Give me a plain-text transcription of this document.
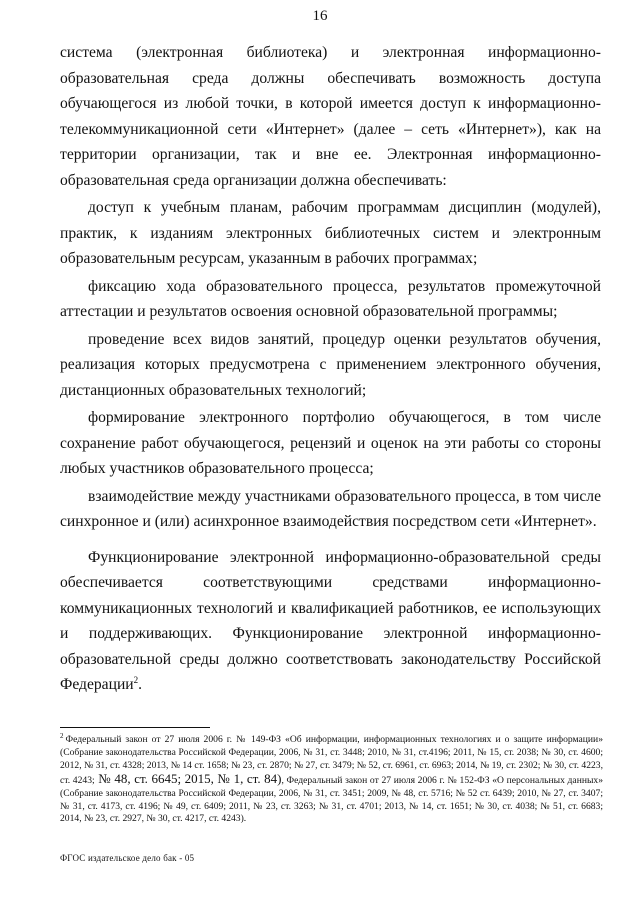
16

система (электронная библиотека) и электронная информационно-образовательная среда должны обеспечивать возможность доступа обучающегося из любой точки, в которой имеется доступ к информационно-телекоммуникационной сети «Интернет» (далее – сеть «Интернет»), как на территории организации, так и вне ее. Электронная информационно-образовательная среда организации должна обеспечивать:

доступ к учебным планам, рабочим программам дисциплин (модулей), практик, к изданиям электронных библиотечных систем и электронным образовательным ресурсам, указанным в рабочих программах;

фиксацию хода образовательного процесса, результатов промежуточной аттестации и результатов освоения основной образовательной программы;

проведение всех видов занятий, процедур оценки результатов обучения, реализация которых предусмотрена с применением электронного обучения, дистанционных образовательных технологий;

формирование электронного портфолио обучающегося, в том числе сохранение работ обучающегося, рецензий и оценок на эти работы со стороны любых участников образовательного процесса;

взаимодействие между участниками образовательного процесса, в том числе синхронное и (или) асинхронное взаимодействия посредством сети «Интернет».

Функционирование электронной информационно-образовательной среды обеспечивается соответствующими средствами информационно-коммуникационных технологий и квалификацией работников, ее использующих и поддерживающих. Функционирование электронной информационно-образовательной среды должно соответствовать законодательству Российской Федерации$^2$.

$^2$ Федеральный закон от 27 июля 2006 г. № 149-ФЗ «Об информации, информационных технологиях и о защите информации» (Собрание законодательства Российской Федерации, 2006, № 31, ст. 3448; 2010, № 31, ст.4196; 2011, № 15, ст. 2038; № 30, ст. 4600; 2012, № 31, ст. 4328; 2013, № 14 ст. 1658; № 23, ст. 2870; № 27, ст. 3479; № 52, ст. 6961, ст. 6963; 2014, № 19, ст. 2302; № 30, ст. 4223, ст. 4243; № 48, ст. 6645; 2015, № 1, ст. 84), Федеральный закон от 27 июля 2006 г. № 152-ФЗ «О персональных данных» (Собрание законодательства Российской Федерации, 2006, № 31, ст. 3451; 2009, № 48, ст. 5716; № 52 ст. 6439; 2010, № 27, ст. 3407; № 31, ст. 4173, ст. 4196; № 49, ст. 6409; 2011, № 23, ст. 3263; № 31, ст. 4701; 2013, № 14, ст. 1651; № 30, ст. 4038; № 51, ст. 6683; 2014, № 23, ст. 2927, № 30, ст. 4217, ст. 4243).
ФГОС издательское дело бак - 05
